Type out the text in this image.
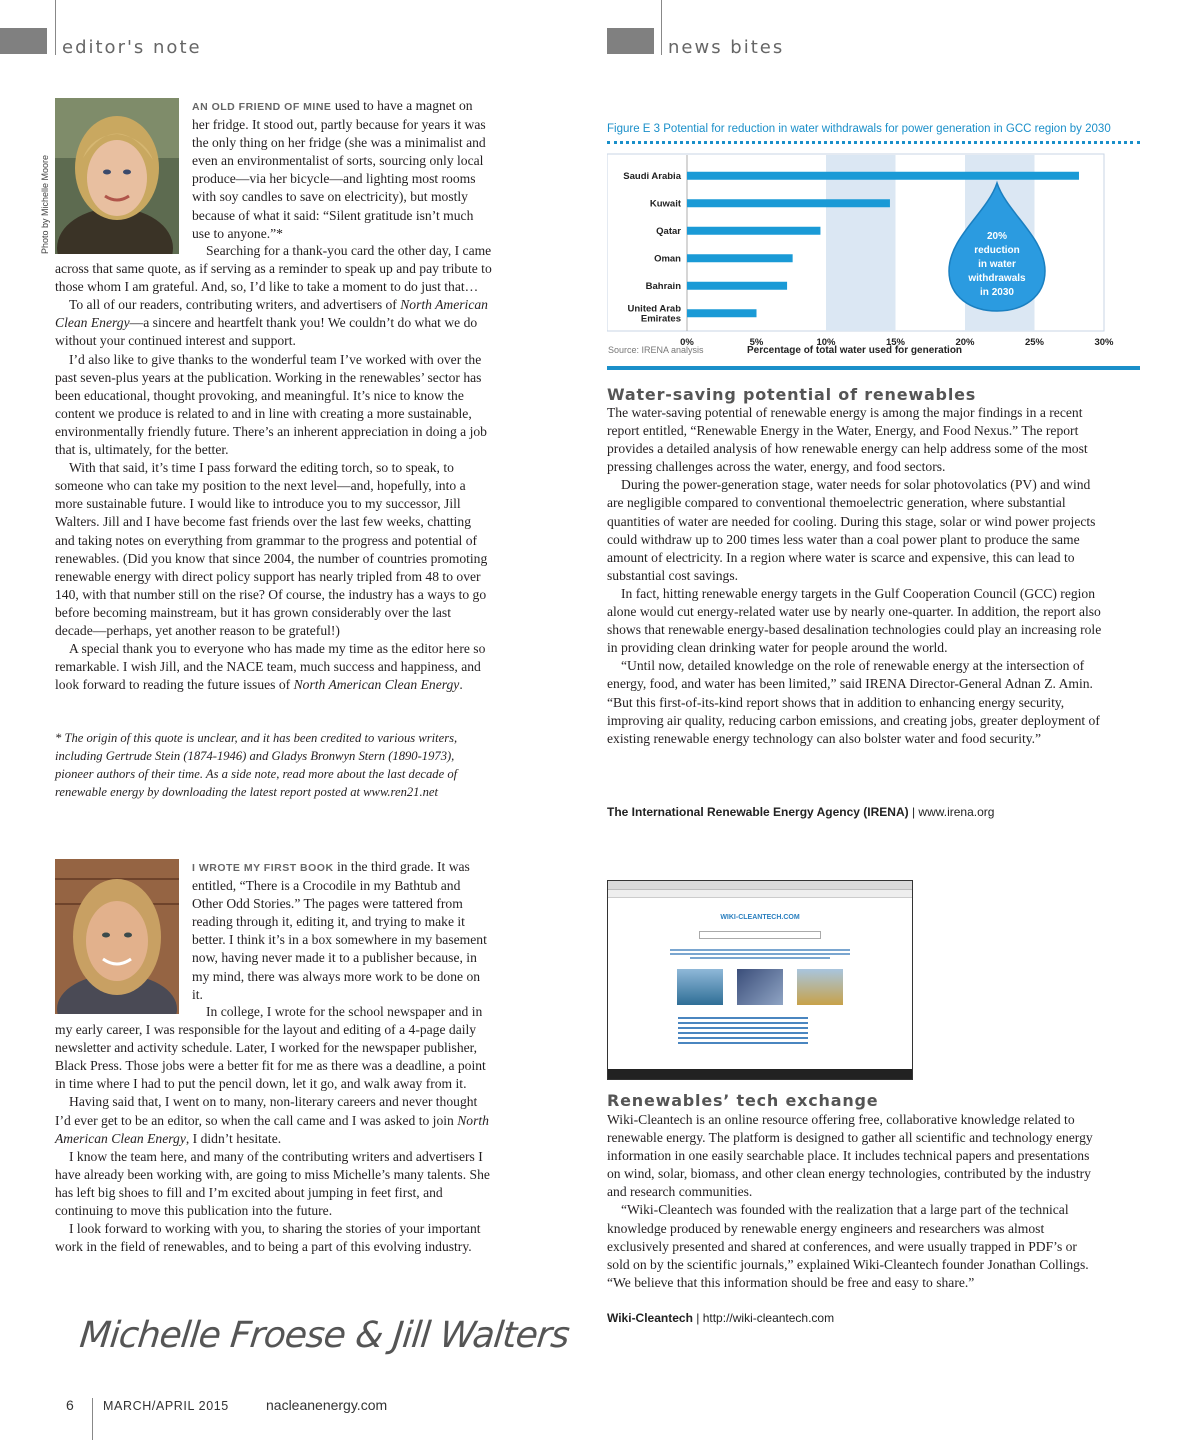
editor's note	news bites
Photo by Michelle Moore

AN OLD FRIEND OF MINE used to have a magnet on her fridge. It stood out, partly because for years it was the only thing on her fridge (she was a minimalist and even an environmentalist of sorts, sourcing only local produce—via her bicycle—and lighting most rooms with soy candles to save on electricity), but mostly because of what it said: “Silent gratitude isn’t much use to anyone.”*

Searching for a thank-you card the other day, I came across that same quote, as if serving as a reminder to speak up and pay tribute to those whom I am grateful. And, so, I’d like to take a moment to do just that…

To all of our readers, contributing writers, and advertisers of North American Clean Energy—a sincere and heartfelt thank you! We couldn’t do what we do without your continued interest and support.

I’d also like to give thanks to the wonderful team I’ve worked with over the past seven-plus years at the publication. Working in the renewables’ sector has been educational, thought provoking, and meaningful. It’s nice to know the content we produce is related to and in line with creating a more sustainable, environmentally friendly future. There’s an inherent appreciation in doing a job that is, ultimately, for the better.

With that said, it’s time I pass forward the editing torch, so to speak, to someone who can take my position to the next level—and, hopefully, into a more sustainable future. I would like to introduce you to my successor, Jill Walters. Jill and I have become fast friends over the last few weeks, chatting and taking notes on everything from grammar to the progress and potential of renewables. (Did you know that since 2004, the number of countries promoting renewable energy with direct policy support has nearly tripled from 48 to over 140, with that number still on the rise? Of course, the industry has a ways to go before becoming mainstream, but it has grown considerably over the last decade—perhaps, yet another reason to be grateful!)

A special thank you to everyone who has made my time as the editor here so remarkable. I wish Jill, and the NACE team, much success and happiness, and look forward to reading the future issues of North American Clean Energy.

* The origin of this quote is unclear, and it has been credited to various writers, including Gertrude Stein (1874-1946) and Gladys Bronwyn Stern (1890-1973), pioneer authors of their time. As a side note, read more about the last decade of renewable energy by downloading the latest report posted at www.ren21.net

I WROTE MY FIRST BOOK in the third grade. It was entitled, “There is a Crocodile in my Bathtub and Other Odd Stories.” The pages were tattered from reading through it, editing it, and trying to make it better. I think it’s in a box somewhere in my basement now, having never made it to a publisher because, in my mind, there was always more work to be done on it.

In college, I wrote for the school newspaper and in my early career, I was responsible for the layout and editing of a 4-page daily newsletter and activity schedule. Later, I worked for the newspaper publisher, Black Press. Those jobs were a better fit for me as there was a deadline, a point in time where I had to put the pencil down, let it go, and walk away from it.

Having said that, I went on to many, non-literary careers and never thought I’d ever get to be an editor, so when the call came and I was asked to join North American Clean Energy, I didn’t hesitate.

I know the team here, and many of the contributing writers and advertisers I have already been working with, are going to miss Michelle’s many talents. She has left big shoes to fill and I’m excited about jumping in feet first, and continuing to move this publication into the future.

I look forward to working with you, to sharing the stories of your important work in the field of renewables, and to being a part of this evolving industry.

Michelle Froese & Jill Walters
6 MARCH/APRIL 2015	nacleanenergy.com
Figure E 3 Potential for reduction in water withdrawals for power generation in GCC region by 2030
Saudi Arabia
Kuwait
Qatar
Oman
Bahrain
United Arab
Emirates
0%	5%	10%	15%	20%	25%	30%
20%
reduction
in water
withdrawals
in 2030
Source: IRENA analysis	Percentage of total water used for generation
Water-saving potential of renewables

The water-saving potential of renewable energy is among the major findings in a recent report entitled, “Renewable Energy in the Water, Energy, and Food Nexus.” The report provides a detailed analysis of how renewable energy can help address some of the most pressing challenges across the water, energy, and food sectors.

During the power-generation stage, water needs for solar photovolatics (PV) and wind are negligible compared to conventional themoelectric generation, where substantial quantities of water are needed for cooling. During this stage, solar or wind power projects could withdraw up to 200 times less water than a coal power plant to produce the same amount of electricity. In a region where water is scarce and expensive, this can lead to substantial cost savings.

In fact, hitting renewable energy targets in the Gulf Cooperation Council (GCC) region alone would cut energy-related water use by nearly one-quarter. In addition, the report also shows that renewable energy-based desalination technologies could play an increasing role in providing clean drinking water for people around the world.

“Until now, detailed knowledge on the role of renewable energy at the intersection of energy, food, and water has been limited,” said IRENA Director-General Adnan Z. Amin. “But this first-of-its-kind report shows that in addition to enhancing energy security, improving air quality, reducing carbon emissions, and creating jobs, greater deployment of existing renewable energy technology can also bolster water and food security.”

The International Renewable Energy Agency (IRENA) | www.irena.org
WIKI-CLEANTECH.COM
Renewables’ tech exchange

Wiki-Cleantech is an online resource offering free, collaborative knowledge related to renewable energy. The platform is designed to gather all scientific and technology energy information in one easily searchable place. It includes technical papers and presentations on wind, solar, biomass, and other clean energy technologies, contributed by the industry and research communities.

“Wiki-Cleantech was founded with the realization that a large part of the technical knowledge produced by renewable energy engineers and researchers was almost exclusively presented and shared at conferences, and were usually trapped in PDF’s or sold on by the scientific journals,” explained Wiki-Cleantech founder Jonathan Collings. “We believe that this information should be free and easy to share.”

Wiki-Cleantech | http://wiki-cleantech.com
